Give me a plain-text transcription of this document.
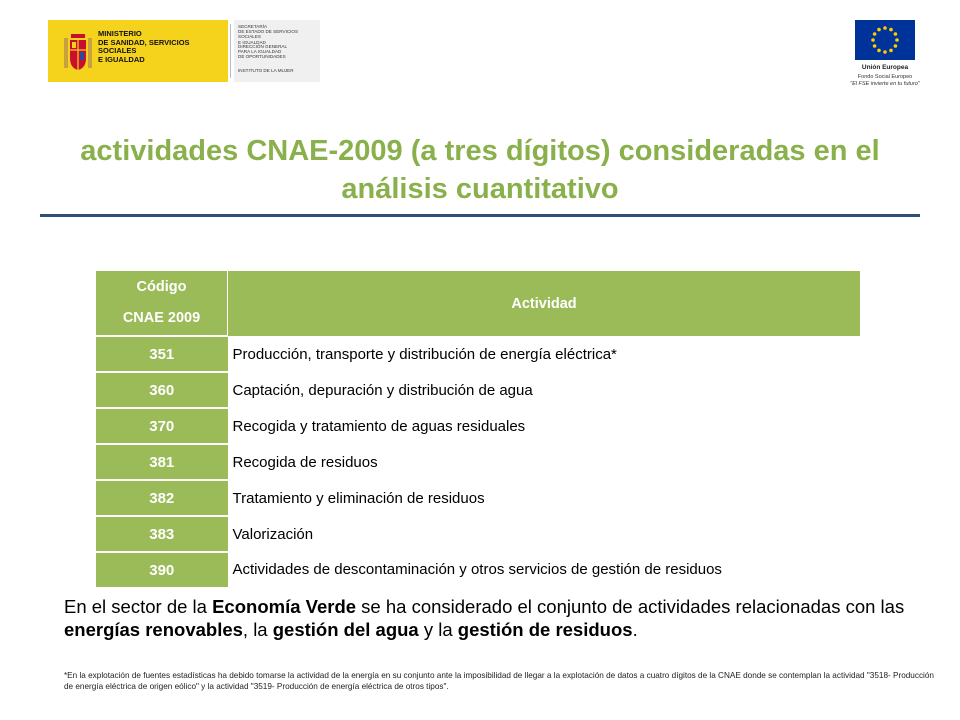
MINISTERIO
DE SANIDAD, SERVICIOS SOCIALES
E IGUALDAD
SECRETARÍA
DE ESTADO DE SERVICIOS SOCIALES
E IGUALDAD
DIRECCIÓN GENERAL
PARA LA IGUALDAD
DE OPORTUNIDADES
INSTITUTO DE LA MUJER	Unión Europea
Fondo Social Europeo
"El FSE invierte en tu futuro"
actividades CNAE-2009 (a tres dígitos) consideradas en el análisis cuantitativo
Código
CNAE 2009	Actividad
351	Producción, transporte y distribución de energía eléctrica*
360	Captación, depuración y distribución de agua
370	Recogida y tratamiento de aguas residuales
381	Recogida de residuos
382	Tratamiento y eliminación de residuos
383	Valorización
390	Actividades de descontaminación y otros servicios de gestión de residuos
En el sector de la Economía Verde se ha considerado el conjunto de actividades relacionadas con las energías renovables, la gestión del agua y la gestión de residuos.
*En la explotación de fuentes estadísticas ha debido tomarse la actividad de la energía en su conjunto ante la imposibilidad de llegar a la explotación de datos a cuatro dígitos de la CNAE donde se contemplan la actividad "3518- Producción de energía eléctrica de origen eólico" y la actividad "3519- Producción de energía eléctrica de otros tipos".
